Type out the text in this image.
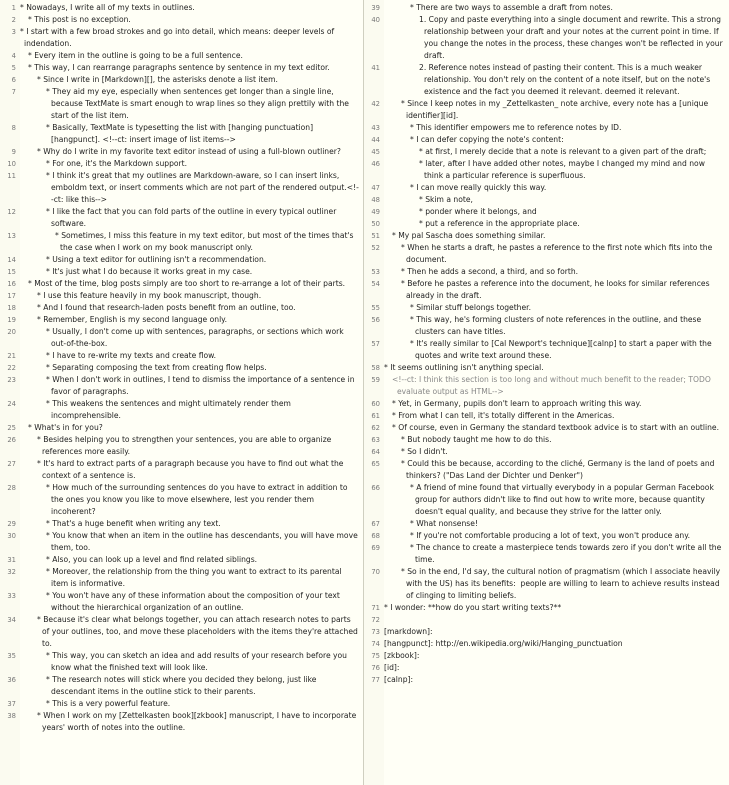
1 * Nowadays, I write all of my texts in outlines.
2	* This post is no exception.
3 * I start with a few broad strokes and go into detail, which means: deeper levels of indendation.
4	* Every item in the outline is going to be a full sentence.
5	* This way, I can rearrange paragraphs sentence by sentence in my text editor.
6	* Since I write in [Markdown][], the asterisks denote a list item.
7	* They aid my eye, especially when sentences get longer than a single line, because TextMate is smart enough to wrap lines so they align prettily with the start of the list item.
8	* Basically, TextMate is typesetting the list with [hanging punctuation][hangpunct]. <!--ct: insert image of list items-->
9	* Why do I write in my favorite text editor instead of using a full-blown outliner?
10	* For one, it's the Markdown support.
11	* I think it's great that my outlines are Markdown-aware, so I can insert links, emboldm text, or insert comments which are not part of the rendered output.<!--ct: like this-->
12	* I like the fact that you can fold parts of the outline in every typical outliner software.
13	* Sometimes, I miss this feature in my text editor, but most of the times that's the case when I work on my book manuscript only.
14	* Using a text editor for outlining isn't a recommendation.
15	* It's just what I do because it works great in my case.
16	* Most of the time, blog posts simply are too short to re-arrange a lot of their parts.
17	* I use this feature heavily in my book manuscript, though.
18	* And I found that research-laden posts benefit from an outline, too.
19	* Remember, English is my second language only.
20	* Usually, I don't come up with sentences, paragraphs, or sections which work out-of-the-box.
21	* I have to re-write my texts and create flow.
22	* Separating composing the text from creating flow helps.
23	* When I don't work in outlines, I tend to dismiss the importance of a sentence in favor of paragraphs.
24	* This weakens the sentences and might ultimately render them incomprehensible.
25	* What's in for you?
26	* Besides helping you to strengthen your sentences, you are able to organize references more easily.
27	* It's hard to extract parts of a paragraph because you have to find out what the context of a sentence is.
28	* How much of the surrounding sentences do you have to extract in addition to the ones you know you like to move elsewhere, lest you render them incoherent?
29	* That's a huge benefit when writing any text.
30	* You know that when an item in the outline has descendants, you will have move them, too.
31	* Also, you can look up a level and find related siblings.
32	* Moreover, the relationship from the thing you want to extract to its parental item is informative.
33	* You won't have any of these information about the composition of your text without the hierarchical organization of an outline.
34	* Because it's clear what belongs together, you can attach research notes to parts of your outlines, too, and move these placeholders with the items they're attached to.
35	* This way, you can sketch an idea and add results of your research before you know what the finished text will look like.
36	* The research notes will stick where you decided they belong, just like descendant items in the outline stick to their parents.
37	* This is a very powerful feature.
38	* When I work on my [Zettelkasten book][zkbook] manuscript, I have to incorporate years' worth of notes into the outline.
39	* There are two ways to assemble a draft from notes.
40	1. Copy and paste everything into a single document and rewrite. This a strong relationship between your draft and your notes at the current point in time. If you change the notes in the process, these changes won't be reflected in your draft.
41	2. Reference notes instead of pasting their content. This is a much weaker relationship. You don't rely on the content of a note itself, but on the note's existence and the fact you deemed it relevant. deemed it relevant.
42	* Since I keep notes in my _Zettelkasten_ note archive, every note has a [unique identifier][id].
43	* This identifier empowers me to reference notes by ID.
44	* I can defer copying the note's content:
45	* at first, I merely decide that a note is relevant to a given part of the draft;
46	* later, after I have added other notes, maybe I changed my mind and now think a particular reference is superfluous.
47	* I can move really quickly this way.
48	* Skim a note,
49	* ponder where it belongs, and
50	* put a reference in the appropriate place.
51	* My pal Sascha does something similar.
52	* When he starts a draft, he pastes a reference to the first note which fits into the document.
53	* Then he adds a second, a third, and so forth.
54	* Before he pastes a reference into the document, he looks for similar references already in the draft.
55	* Similar stuff belongs together.
56	* This way, he's forming clusters of note references in the outline, and these clusters can have titles.
57	* It's really similar to [Cal Newport's technique][calnp] to start a paper with the quotes and write text around these.
58 * It seems outlining isn't anything special.
59	<!--ct: I think this section is too long and without much benefit to the reader; TODO evaluate output as HTML-->
60	* Yet, in Germany, pupils don't learn to approach writing this way.
61	* From what I can tell, it's totally different in the Americas.
62	* Of course, even in Germany the standard textbook advice is to start with an outline.
63	* But nobody taught me how to do this.
64	* So I didn't.
65	* Could this be because, according to the cliché, Germany is the land of poets and thinkers? ("Das Land der Dichter und Denker")
66	* A friend of mine found that virtually everybody in a popular German Facebook group for authors didn't like to find out how to write more, because quantity doesn't equal quality, and because they strive for the latter only.
67	* What nonsense!
68	* If you're not comfortable producing a lot of text, you won't produce any.
69	* The chance to create a masterpiece tends towards zero if you don't write all the time.
70	* So in the end, I'd say, the cultural notion of pragmatism (which I associate heavily with the US) has its benefits:  people are willing to learn to achieve results instead of clinging to limiting beliefs.
71 * I wonder: **how do you start writing texts?**
72
73 [markdown]:
74 [hangpunct]: http://en.wikipedia.org/wiki/Hanging_punctuation
75 [zkbook]:
76 [id]:
77 [calnp]:
